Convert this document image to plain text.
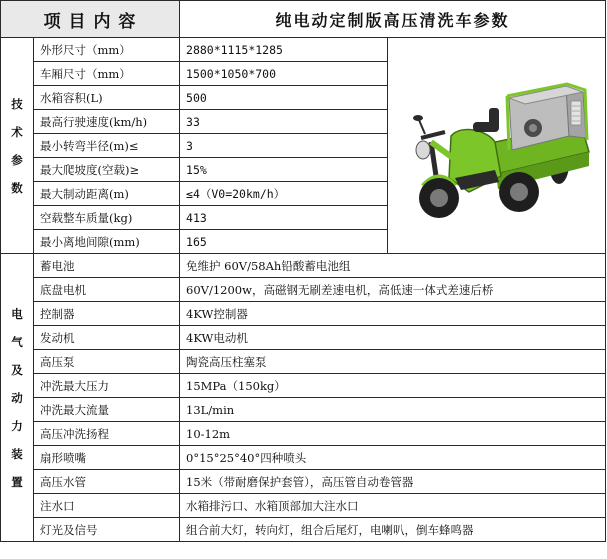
项 目 内 容		纯电动定制版高压清洗车参数	
技术参数	外形尺寸（mm）	2880*1115*1285	

	车厢尺寸（mm）	1500*1050*700	
	水箱容积(L)	500	
	最高行驶速度(km/h)	33	
	最小转弯半径(m)≤	3	
	最大爬坡度(空载)≥	15%	
	最大制动距离(m)	≤4（V0=20km/h）	
	空载整车质量(kg)	413	
	最小离地间隙(mm)	165	
电气及动力装置	蓄电池	免维护 60V/58Ah铅酸蓄电池组	
	底盘电机	60V/1200w，高磁钢无刷差速电机，高低速一体式差速后桥	
	控制器	4KW控制器	
	发动机	4KW电动机	
	高压泵	陶瓷高压柱塞泵	
	冲洗最大压力	15MPa（150kg）	
	冲洗最大流量	13L/min	
	高压冲洗扬程	10-12m	
	扇形喷嘴	0°15°25°40°四种喷头	
	高压水管	15米（带耐磨保护套管），高压管自动卷管器	
	注水口	水箱排污口、水箱顶部加大注水口	
	灯光及信号	组合前大灯，转向灯，组合后尾灯，电喇叭，倒车蜂鸣器	
